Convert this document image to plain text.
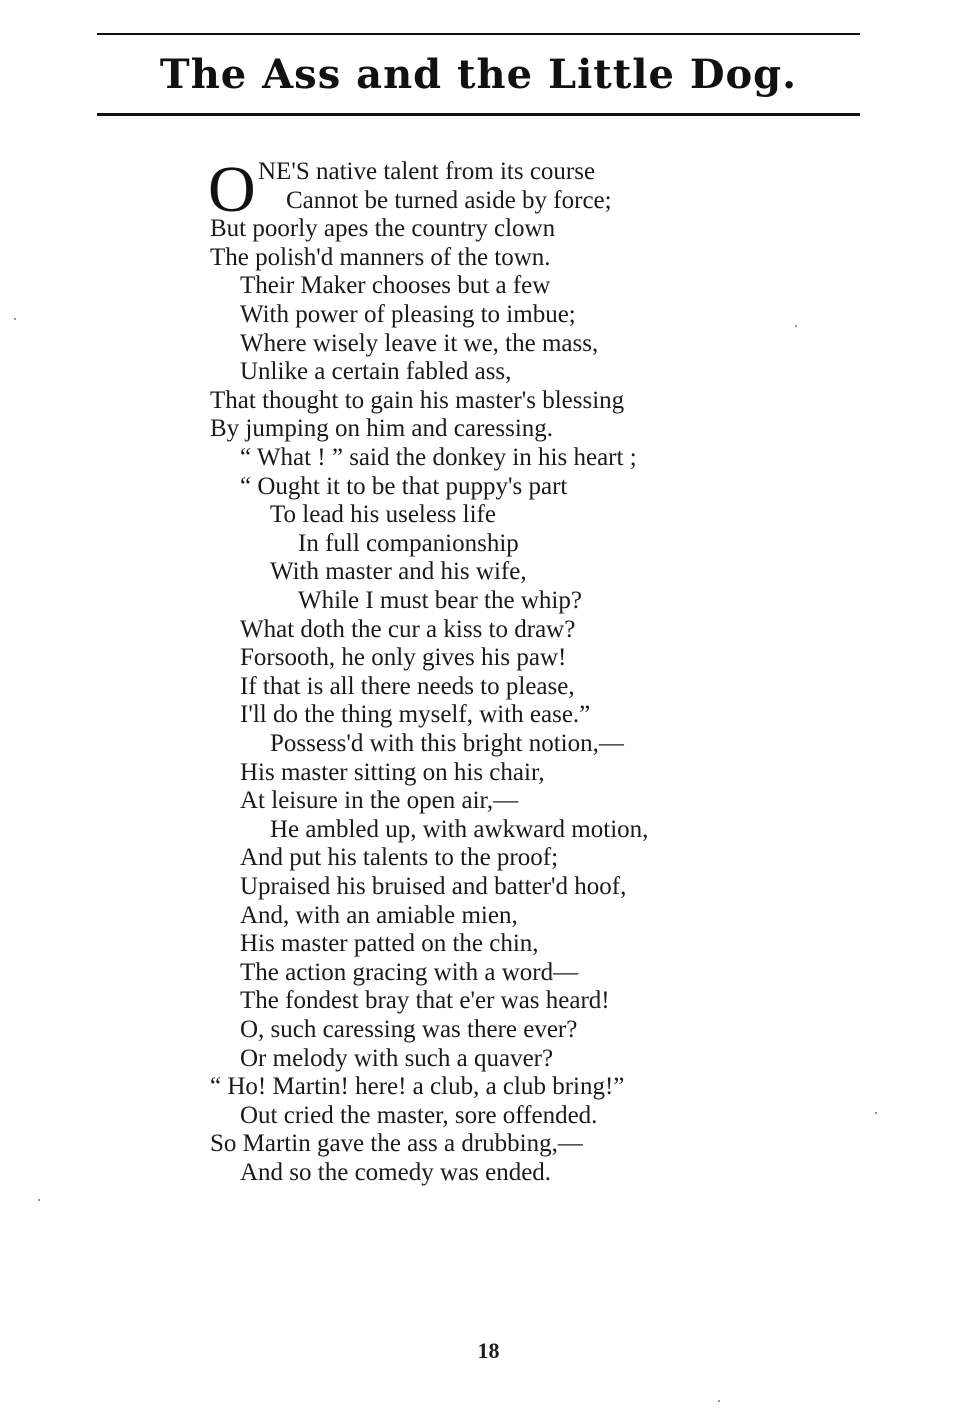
The Ass and the Little Dog.
O NE'S native talent from its course
Cannot be turned aside by force;
But poorly apes the country clown
The polish'd manners of the town.
Their Maker chooses but a few
With power of pleasing to imbue;
Where wisely leave it we, the mass,
Unlike a certain fabled ass,
That thought to gain his master's blessing
By jumping on him and caressing.
“ What ! ” said the donkey in his heart ;
“ Ought it to be that puppy's part
To lead his useless life
In full companionship
With master and his wife,
While I must bear the whip?
What doth the cur a kiss to draw?
Forsooth, he only gives his paw!
If that is all there needs to please,
I'll do the thing myself, with ease.”
Possess'd with this bright notion,—
His master sitting on his chair,
At leisure in the open air,—
He ambled up, with awkward motion,
And put his talents to the proof;
Upraised his bruised and batter'd hoof,
And, with an amiable mien,
His master patted on the chin,
The action gracing with a word—
The fondest bray that e'er was heard!
O, such caressing was there ever?
Or melody with such a quaver?
“ Ho! Martin! here! a club, a club bring!”
Out cried the master, sore offended.
So Martin gave the ass a drubbing,—
And so the comedy was ended.
18
